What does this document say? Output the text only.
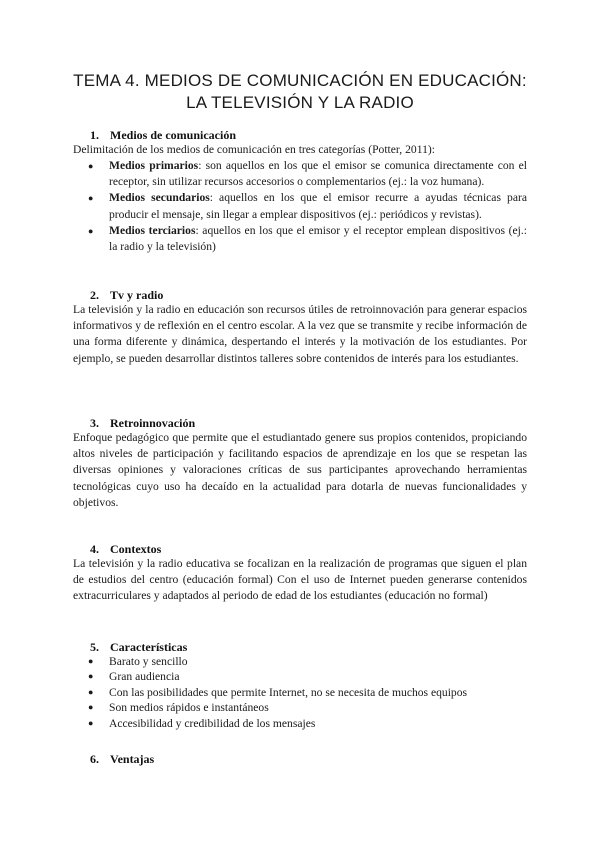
TEMA 4. MEDIOS DE COMUNICACIÓN EN EDUCACIÓN:
LA TELEVISIÓN Y LA RADIO
1. Medios de comunicación

Delimitación de los medios de comunicación en tres categorías (Potter, 2011):

● Medios primarios: son aquellos en los que el emisor se comunica directamente con el receptor, sin utilizar recursos accesorios o complementarios (ej.: la voz humana).
● Medios secundarios: aquellos en los que el emisor recurre a ayudas técnicas para producir el mensaje, sin llegar a emplear dispositivos (ej.: periódicos y revistas).
● Medios terciarios: aquellos en los que el emisor y el receptor emplean dispositivos (ej.: la radio y la televisión)
2. Tv y radio

La televisión y la radio en educación son recursos útiles de retroinnovación para generar espacios informativos y de reflexión en el centro escolar. A la vez que se transmite y recibe información de una forma diferente y dinámica, despertando el interés y la motivación de los estudiantes. Por ejemplo, se pueden desarrollar distintos talleres sobre contenidos de interés para los estudiantes.

3. Retroinnovación

Enfoque pedagógico que permite que el estudiantado genere sus propios contenidos, propiciando altos niveles de participación y facilitando espacios de aprendizaje en los que se respetan las diversas opiniones y valoraciones críticas de sus participantes aprovechando herramientas tecnológicas cuyo uso ha decaído en la actualidad para dotarla de nuevas funcionalidades y objetivos.

4. Contextos

La televisión y la radio educativa se focalizan en la realización de programas que siguen el plan de estudios del centro (educación formal) Con el uso de Internet pueden generarse contenidos extracurriculares y adaptados al periodo de edad de los estudiantes (educación no formal)

5. Características
● Barato y sencillo
● Gran audiencia
● Con las posibilidades que permite Internet, no se necesita de muchos equipos
● Son medios rápidos e instantáneos
● Accesibilidad y credibilidad de los mensajes
6. Ventajas
